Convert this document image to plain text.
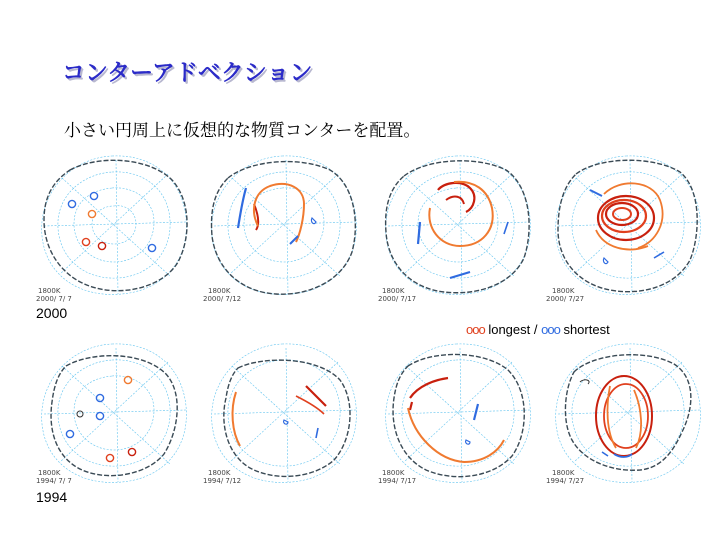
コンターアドベクション
小さい円周上に仮想的な物質コンターを配置。
1800K
2000/ 7/ 7
1800K
2000/ 7/12
1800K
2000/ 7/17
1800K
2000/ 7/27
2000
ooo longest / ooo shortest
1800K
1994/ 7/ 7
1800K
1994/ 7/12
1800K
1994/ 7/17
1800K
1994/ 7/27
1994
